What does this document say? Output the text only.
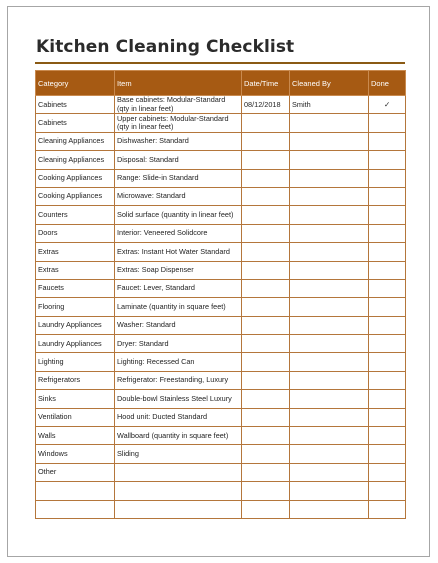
Kitchen Cleaning Checklist
Category	Item	Date/Time	Cleaned By	Done
Cabinets	Base cabinets: Modular-Standard (qty in linear feet)	08/12/2018	Smith	✓
Cabinets	Upper cabinets: Modular-Standard (qty in linear feet)			
Cleaning Appliances	Dishwasher: Standard			
Cleaning Appliances	Disposal: Standard			
Cooking Appliances	Range: Slide-in Standard			
Cooking Appliances	Microwave: Standard			
Counters	Solid surface (quantity in linear feet)			
Doors	Interior: Veneered Solidcore			
Extras	Extras: Instant Hot Water Standard			
Extras	Extras: Soap Dispenser			
Faucets	Faucet: Lever, Standard			
Flooring	Laminate (quantity in square feet)			
Laundry Appliances	Washer: Standard			
Laundry Appliances	Dryer: Standard			
Lighting	Lighting: Recessed Can			
Refrigerators	Refrigerator: Freestanding, Luxury			
Sinks	Double-bowl Stainless Steel Luxury			
Ventilation	Hood unit: Ducted Standard			
Walls	Wallboard (quantity in square feet)			
Windows	Sliding			
Other				
